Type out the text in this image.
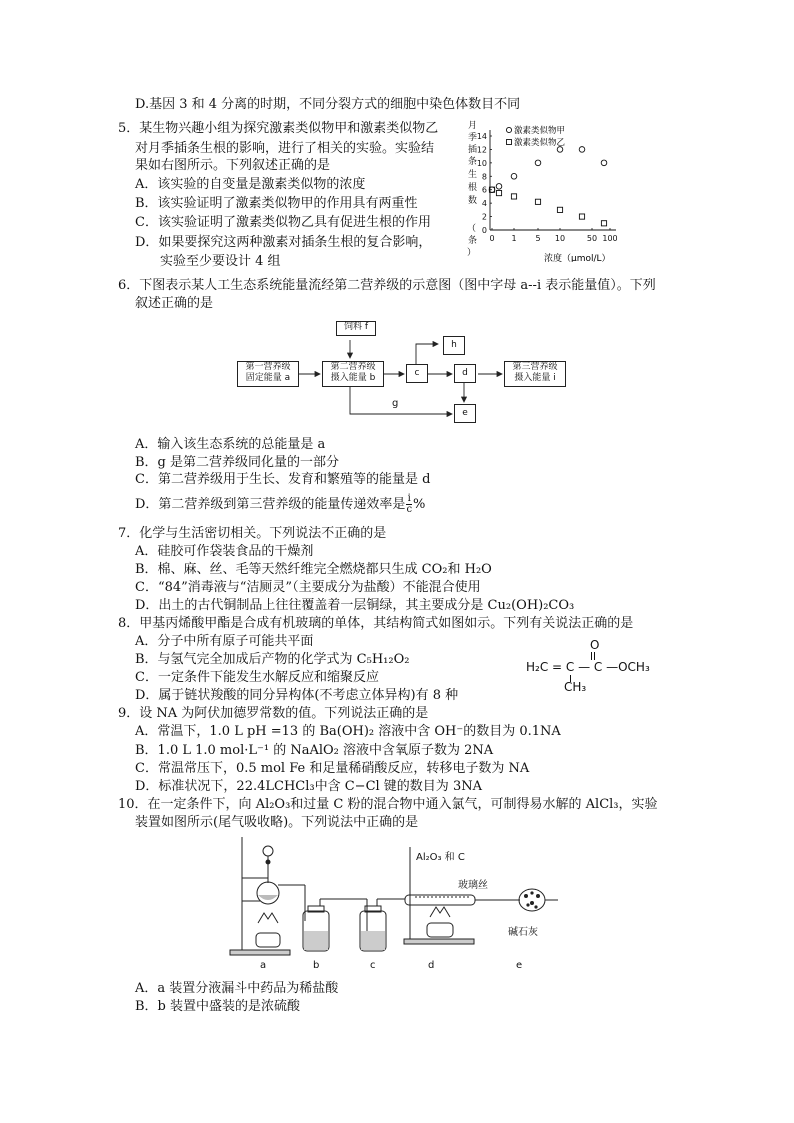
D.基因 3 和 4 分离的时期，不同分裂方式的细胞中染色体数目不同
5．某生物兴趣小组为探究激素类似物甲和激素类似物乙
对月季插条生根的影响，进行了相关的实验。实验结
果如右图所示。下列叙述正确的是
A．该实验的自变量是激素类似物的浓度
B．该实验证明了激素类似物甲的作用具有两重性
C．该实验证明了激素类似物乙具有促进生根的作用
D．如果要探究这两种激素对插条生根的复合影响，
实验至少要设计 4 组
月
季
插
条
生
根
数
（
条
）
0
2
4
6
8
10
12
14
0 1 5 10	50 100
激素类似物甲
激素类似物乙
浓度（μmol/L）
6．下图表示某人工生态系统能量流经第二营养级的示意图（图中字母 a--i 表示能量值）。下列
叙述正确的是
g
饲料 f
第一营养级
固定能量 a
第二营养级
摄入能量 b	c
h
d
e
第三营养级
摄入能量 i
A．输入该生态系统的总能量是 a
B．g 是第二营养级同化量的一部分
C．第二营养级用于生长、发育和繁殖等的能量是 d
D．第二营养级到第三营养级的能量传递效率是 $\frac{i}{c}$ %
7．化学与生活密切相关。下列说法不正确的是
A．硅胶可作袋装食品的干燥剂
B．棉、麻、丝、毛等天然纤维完全燃烧都只生成 CO₂和 H₂O
C．“84”消毒液与“洁厕灵”（主要成分为盐酸）不能混合使用
D．出土的古代铜制品上往往覆盖着一层铜绿，其主要成分是 Cu₂(OH)₂CO₃
8．甲基丙烯酸甲酯是合成有机玻璃的单体，其结构简式如图如示。下列有关说法正确的是
A．分子中所有原子可能共平面
B．与氢气完全加成后产物的化学式为 C₅H₁₂O₂
C．一定条件下能发生水解反应和缩聚反应
D．属于链状羧酸的同分异构体(不考虑立体异构)有 8 种
O
H₂C = C — C —OCH₃
CH₃
9．设 NA 为阿伏加德罗常数的值。下列说法正确的是
A．常温下，1.0 L pH =13 的 Ba(OH)₂ 溶液中含 OH⁻的数目为 0.1NA
B．1.0 L 1.0 mol·L⁻¹ 的 NaAlO₂ 溶液中含氧原子数为 2NA
C．常温常压下，0.5 mol Fe 和足量稀硝酸反应，转移电子数为 NA
D．标准状况下，22.4LCHCl₃中含 C−Cl 键的数目为 3NA
10．在一定条件下，向 Al₂O₃和过量 C 粉的混合物中通入氯气，可制得易水解的 AlCl₃，实验
装置如图所示(尾气吸收略)。下列说法中正确的是
Al₂O₃ 和 C
玻璃丝
碱石灰
a	b	c	d	e
A．a 装置分液漏斗中药品为稀盐酸
B．b 装置中盛装的是浓硫酸
